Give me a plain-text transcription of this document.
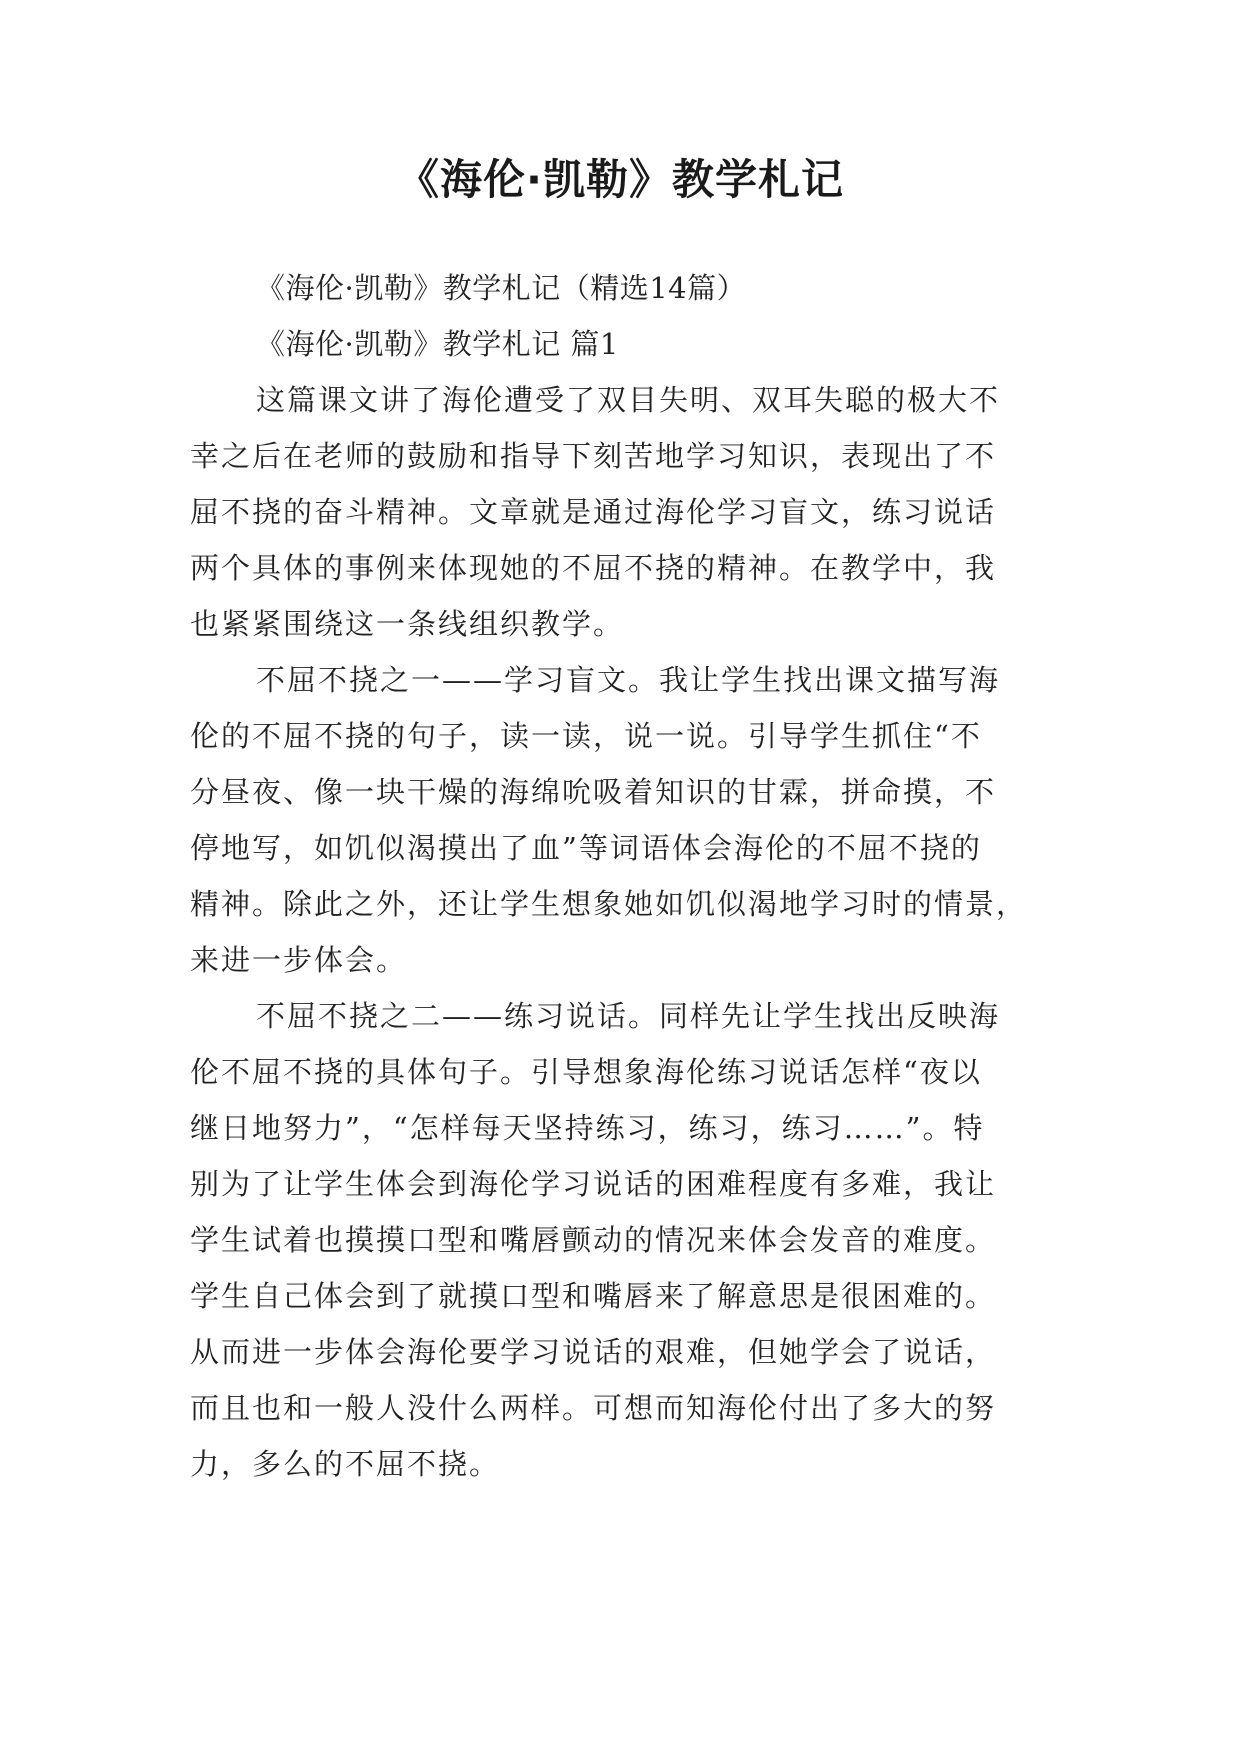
《海伦·凯勒》教学札记
《海伦·凯勒》教学札记（精选14篇）
《海伦·凯勒》教学札记 篇1
这篇课文讲了海伦遭受了双目失明、双耳失聪的极大不
幸之后在老师的鼓励和指导下刻苦地学习知识，表现出了不
屈不挠的奋斗精神。文章就是通过海伦学习盲文，练习说话
两个具体的事例来体现她的不屈不挠的精神。在教学中，我
也紧紧围绕这一条线组织教学。
不屈不挠之一——学习盲文。我让学生找出课文描写海
伦的不屈不挠的句子，读一读，说一说。引导学生抓住“不
分昼夜、像一块干燥的海绵吮吸着知识的甘霖，拼命摸，不
停地写，如饥似渴摸出了血”等词语体会海伦的不屈不挠的
精神。除此之外，还让学生想象她如饥似渴地学习时的情景，
来进一步体会。
不屈不挠之二——练习说话。同样先让学生找出反映海
伦不屈不挠的具体句子。引导想象海伦练习说话怎样“夜以
继日地努力”，“怎样每天坚持练习，练习，练习……”。特
别为了让学生体会到海伦学习说话的困难程度有多难，我让
学生试着也摸摸口型和嘴唇颤动的情况来体会发音的难度。
学生自己体会到了就摸口型和嘴唇来了解意思是很困难的。
从而进一步体会海伦要学习说话的艰难，但她学会了说话，
而且也和一般人没什么两样。可想而知海伦付出了多大的努
力，多么的不屈不挠。
